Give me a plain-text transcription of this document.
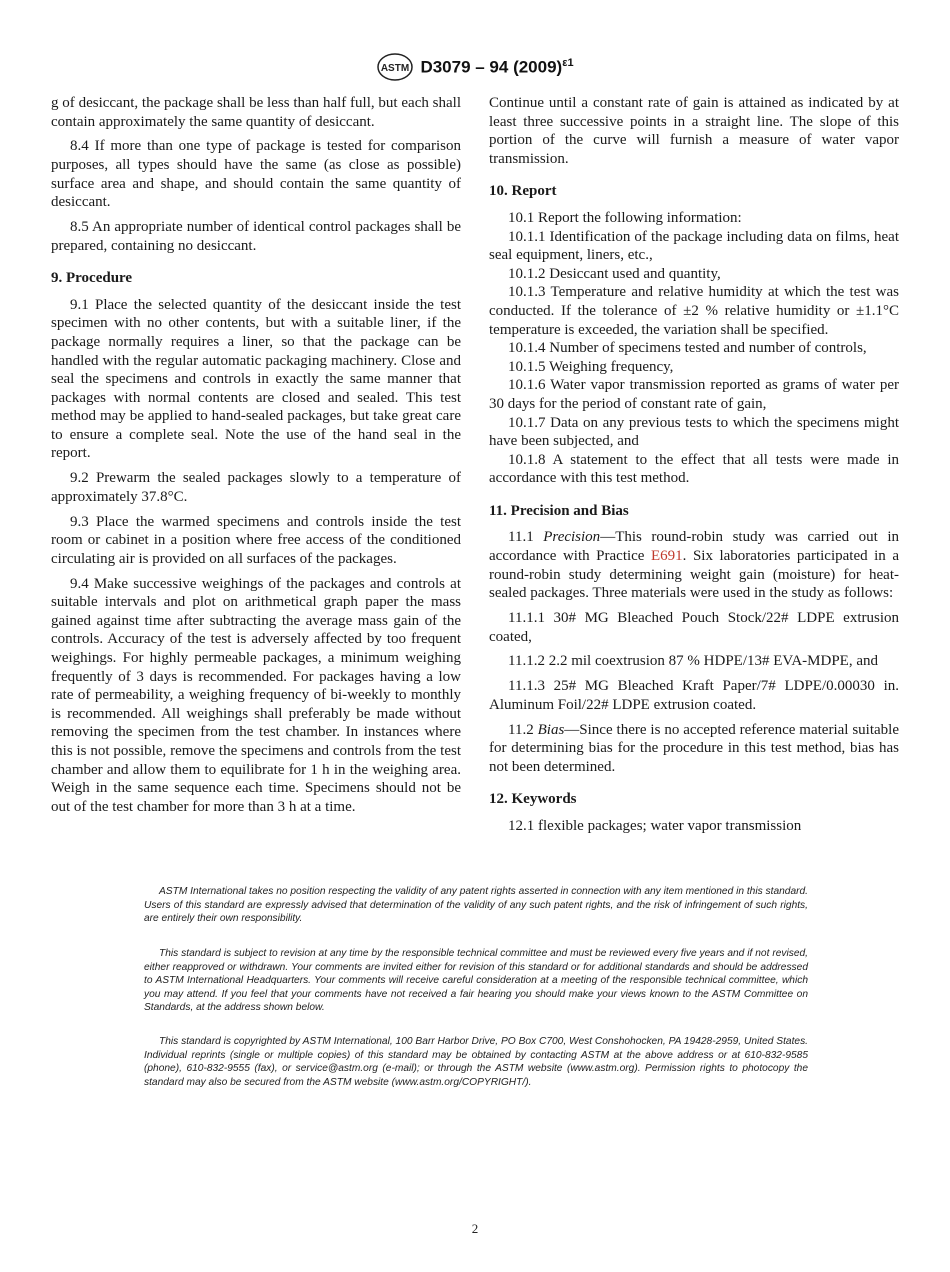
ASTM D3079 – 94 $(2009)^{\varepsilon 1}$

g of desiccant, the package shall be less than half full, but each shall contain approximately the same quantity of desiccant.

8.4 If more than one type of package is tested for comparison purposes, all types should have the same (as close as possible) surface area and shape, and should contain the same quantity of desiccant.

8.5 An appropriate number of identical control packages shall be prepared, containing no desiccant.

9. Procedure

9.1 Place the selected quantity of the desiccant inside the test specimen with no other contents, but with a suitable liner, if the package normally requires a liner, so that the package can be handled with the regular automatic packaging machinery. Close and seal the specimens and controls in exactly the same manner that packages with normal contents are closed and sealed. This test method may be applied to hand-sealed packages, but take great care to ensure a complete seal. Note the use of the hand seal in the report.

9.2 Prewarm the sealed packages slowly to a temperature of approximately 37.8°C.

9.3 Place the warmed specimens and controls inside the test room or cabinet in a position where free access of the conditioned circulating air is provided on all surfaces of the packages.

9.4 Make successive weighings of the packages and controls at suitable intervals and plot on arithmetical graph paper the mass gained against time after subtracting the average mass gain of the controls. Accuracy of the test is adversely affected by too frequent weighings. For highly permeable packages, a minimum weighing frequently of 3 days is recommended. For packages having a low rate of permeability, a weighing frequency of bi-weekly to monthly is recommended. All weighings shall preferably be made without removing the specimen from the test chamber. In instances where this is not possible, remove the specimens and controls from the test chamber and allow them to equilibrate for 1 h in the weighing area. Weigh in the same sequence each time. Specimens should not be out of the test chamber for more than 3 h at a time.

Continue until a constant rate of gain is attained as indicated by at least three successive points in a straight line. The slope of this portion of the curve will furnish a measure of water vapor transmission.

10. Report

10.1 Report the following information:

10.1.1 Identification of the package including data on films, heat seal equipment, liners, etc.,

10.1.2 Desiccant used and quantity,

10.1.3 Temperature and relative humidity at which the test was conducted. If the tolerance of ±2 % relative humidity or ±1.1°C temperature is exceeded, the variation shall be specified.

10.1.4 Number of specimens tested and number of controls,

10.1.5 Weighing frequency,

10.1.6 Water vapor transmission reported as grams of water per 30 days for the period of constant rate of gain,

10.1.7 Data on any previous tests to which the specimens might have been subjected, and

10.1.8 A statement to the effect that all tests were made in accordance with this test method.

11. Precision and Bias

11.1 Precision—This round-robin study was carried out in accordance with Practice E691. Six laboratories participated in a round-robin study determining weight gain (moisture) for heat-sealed packages. Three materials were used in the study as follows:

11.1.1 30# MG Bleached Pouch Stock/22# LDPE extrusion coated,

11.1.2 2.2 mil coextrusion 87 % HDPE/13# EVA-MDPE, and

11.1.3 25# MG Bleached Kraft Paper/7# LDPE/0.00030 in. Aluminum Foil/22# LDPE extrusion coated.

11.2 Bias—Since there is no accepted reference material suitable for determining bias for the procedure in this test method, bias has not been determined.

12. Keywords

12.1 flexible packages; water vapor transmission

ASTM International takes no position respecting the validity of any patent rights asserted in connection with any item mentioned in this standard. Users of this standard are expressly advised that determination of the validity of any such patent rights, and the risk of infringement of such rights, are entirely their own responsibility.

This standard is subject to revision at any time by the responsible technical committee and must be reviewed every five years and if not revised, either reapproved or withdrawn. Your comments are invited either for revision of this standard or for additional standards and should be addressed to ASTM International Headquarters. Your comments will receive careful consideration at a meeting of the responsible technical committee, which you may attend. If you feel that your comments have not received a fair hearing you should make your views known to the ASTM Committee on Standards, at the address shown below.

This standard is copyrighted by ASTM International, 100 Barr Harbor Drive, PO Box C700, West Conshohocken, PA 19428-2959, United States. Individual reprints (single or multiple copies) of this standard may be obtained by contacting ASTM at the above address or at 610-832-9585 (phone), 610-832-9555 (fax), or service@astm.org (e-mail); or through the ASTM website (www.astm.org). Permission rights to photocopy the standard may also be secured from the ASTM website (www.astm.org/COPYRIGHT/).

2
